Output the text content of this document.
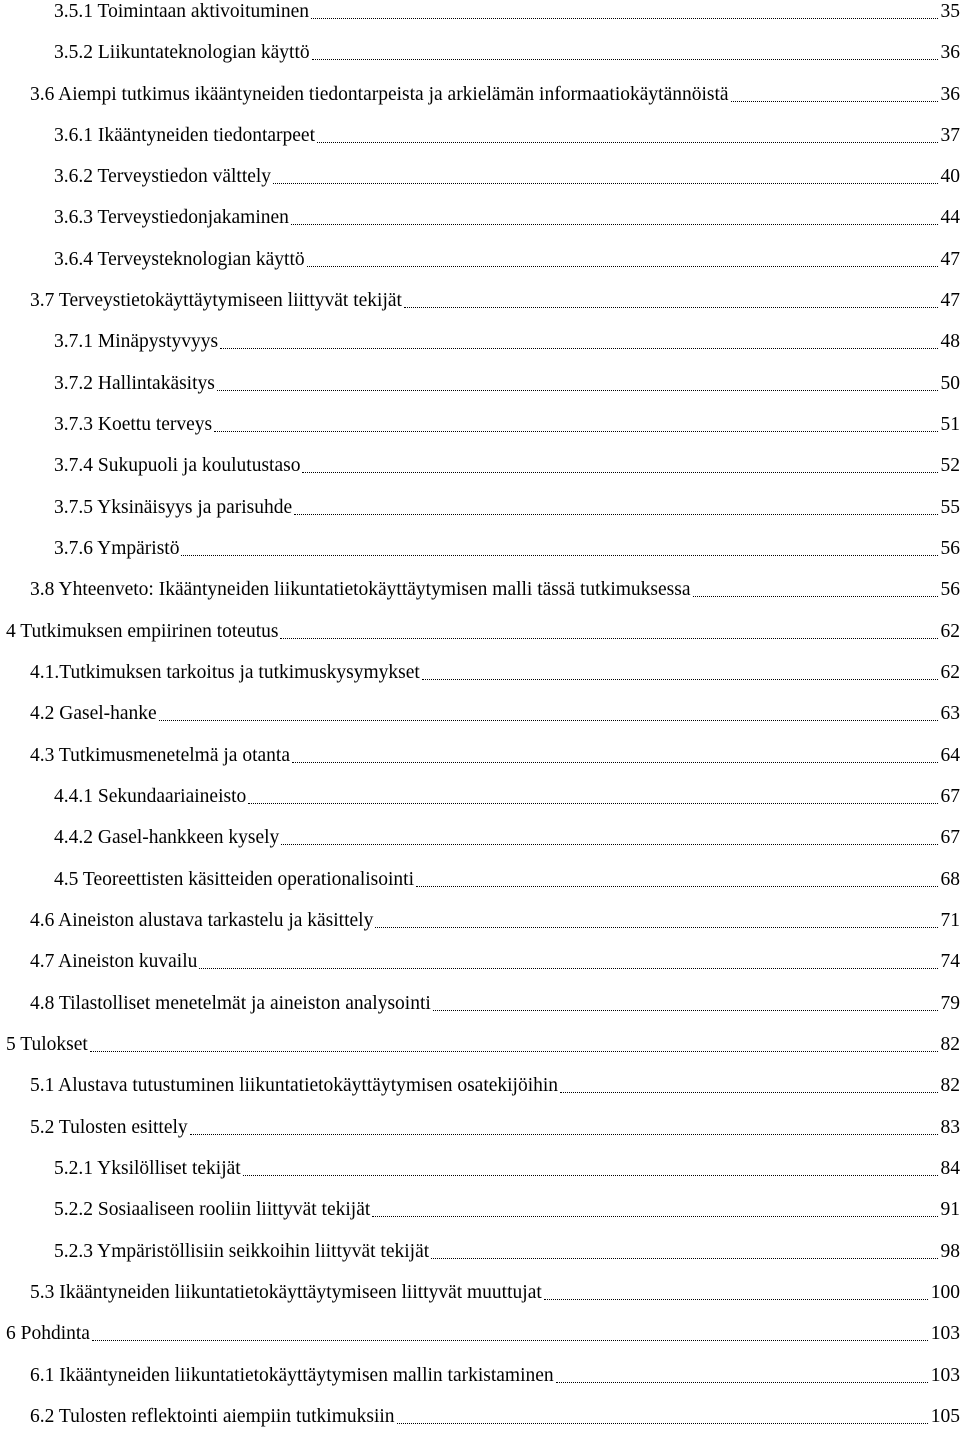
3.5.1 Toimintaan aktivoituminen	35
3.5.2 Liikuntateknologian käyttö	36
3.6 Aiempi tutkimus ikääntyneiden tiedontarpeista ja arkielämän informaatiokäytännöistä	36
3.6.1 Ikääntyneiden tiedontarpeet	37
3.6.2 Terveystiedon välttely	40
3.6.3 Terveystiedonjakaminen	44
3.6.4 Terveysteknologian käyttö	47
3.7 Terveystietokäyttäytymiseen liittyvät tekijät	47
3.7.1 Minäpystyvyys	48
3.7.2 Hallintakäsitys	50
3.7.3 Koettu terveys	51
3.7.4 Sukupuoli ja koulutustaso	52
3.7.5 Yksinäisyys ja parisuhde	55
3.7.6 Ympäristö	56
3.8 Yhteenveto: Ikääntyneiden liikuntatietokäyttäytymisen malli tässä tutkimuksessa	56
4 Tutkimuksen empiirinen toteutus	62
4.1.Tutkimuksen tarkoitus ja tutkimuskysymykset	62
4.2 Gasel-hanke	63
4.3 Tutkimusmenetelmä ja otanta	64
4.4.1 Sekundaariaineisto	67
4.4.2 Gasel-hankkeen kysely	67
4.5 Teoreettisten käsitteiden operationalisointi	68
4.6 Aineiston alustava tarkastelu ja käsittely	71
4.7 Aineiston kuvailu	74
4.8 Tilastolliset menetelmät ja aineiston analysointi	79
5 Tulokset	82
5.1 Alustava tutustuminen liikuntatietokäyttäytymisen osatekijöihin	82
5.2 Tulosten esittely	83
5.2.1 Yksilölliset tekijät	84
5.2.2 Sosiaaliseen rooliin liittyvät tekijät	91
5.2.3 Ympäristöllisiin seikkoihin liittyvät tekijät	98
5.3 Ikääntyneiden liikuntatietokäyttäytymiseen liittyvät muuttujat	100
6 Pohdinta	103
6.1 Ikääntyneiden liikuntatietokäyttäytymisen mallin tarkistaminen	103
6.2 Tulosten reflektointi aiempiin tutkimuksiin	105
